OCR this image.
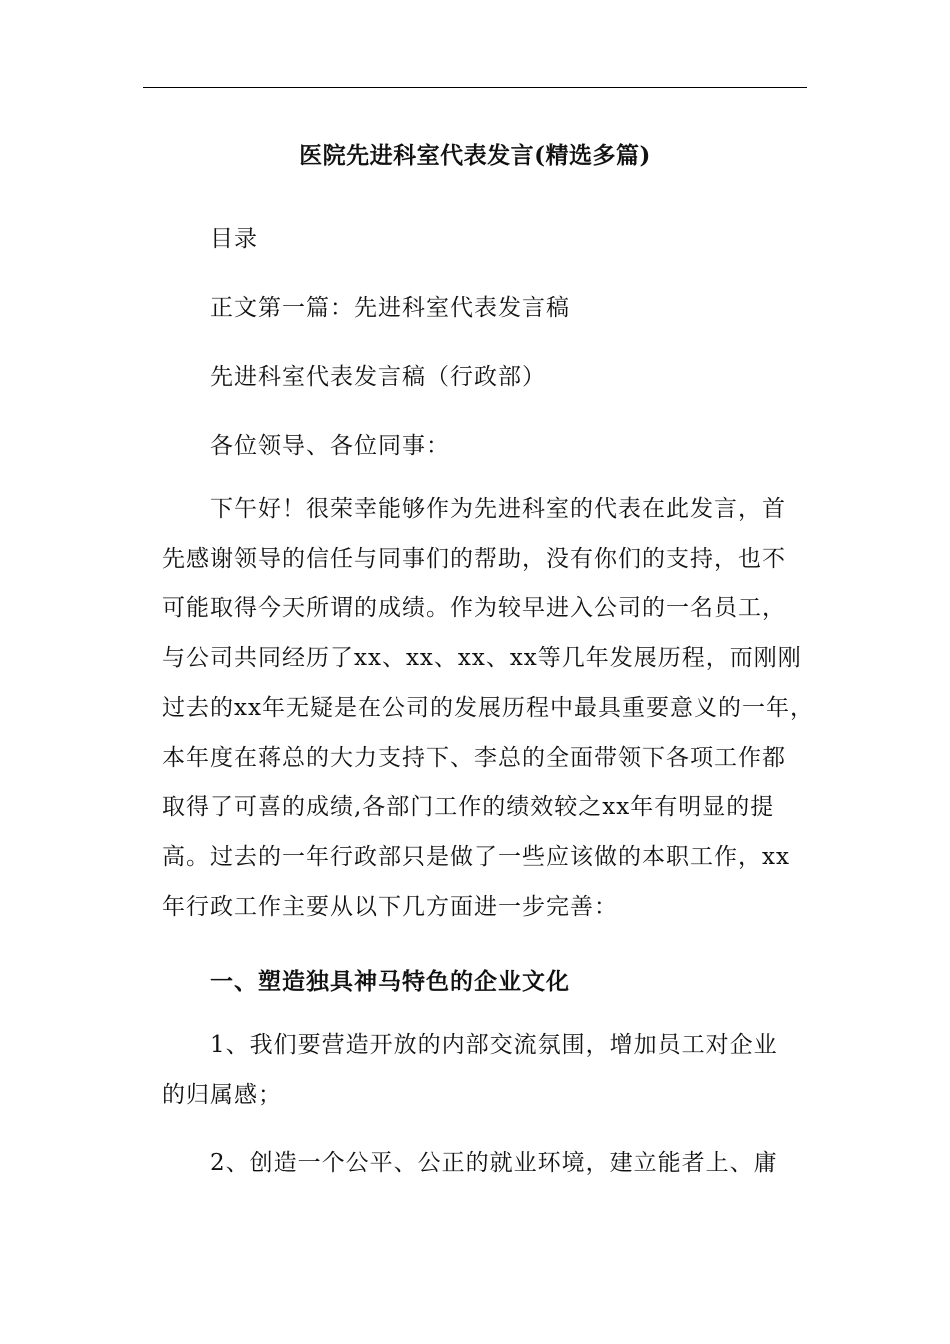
医院先进科室代表发言(精选多篇)
目录
正文第一篇：先进科室代表发言稿
先进科室代表发言稿（行政部）
各位领导、各位同事：
下午好！很荣幸能够作为先进科室的代表在此发言，首
先感谢领导的信任与同事们的帮助，没有你们的支持，也不
可能取得今天所谓的成绩。作为较早进入公司的一名员工，
与公司共同经历了xx、xx、xx、xx等几年发展历程，而刚刚
过去的xx年无疑是在公司的发展历程中最具重要意义的一年，
本年度在蒋总的大力支持下、李总的全面带领下各项工作都
取得了可喜的成绩,各部门工作的绩效较之xx年有明显的提
高。过去的一年行政部只是做了一些应该做的本职工作，xx
年行政工作主要从以下几方面进一步完善：
一、塑造独具神马特色的企业文化
1、我们要营造开放的内部交流氛围，增加员工对企业
的归属感；
2、创造一个公平、公正的就业环境，建立能者上、庸
